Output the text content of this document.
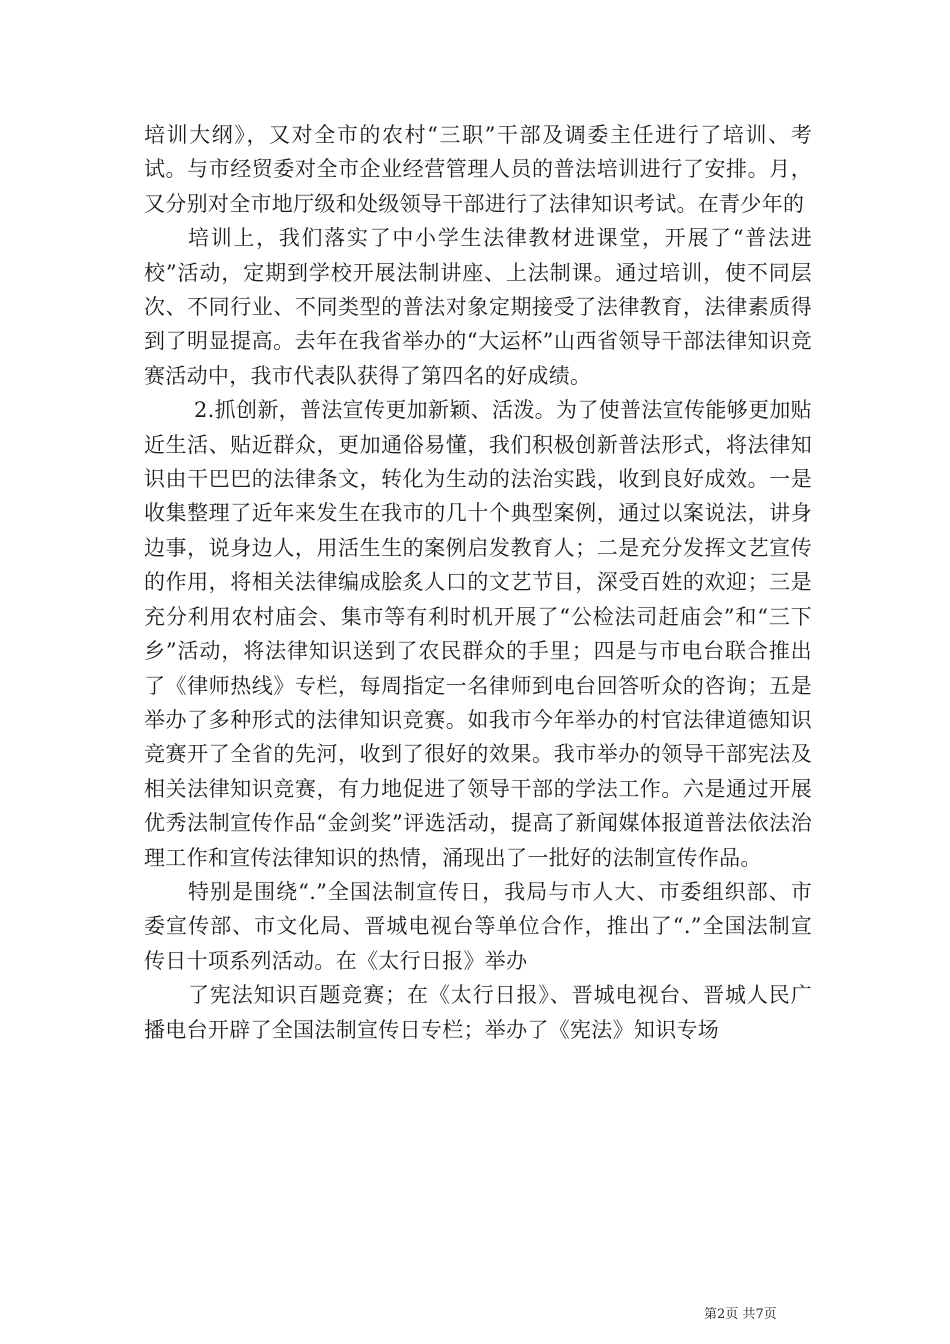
培训大纲》，又对全市的农村“三职”干部及调委主任进行了培训、考试。与市经贸委对全市企业经营管理人员的普法培训进行了安排。月，又分别对全市地厅级和处级领导干部进行了法律知识考试。在青少年的

培训上，我们落实了中小学生法律教材进课堂，开展了“普法进校”活动，定期到学校开展法制讲座、上法制课。通过培训，使不同层次、不同行业、不同类型的普法对象定期接受了法律教育，法律素质得到了明显提高。去年在我省举办的“大运杯”山西省领导干部法律知识竞赛活动中，我市代表队获得了第四名的好成绩。

2.抓创新，普法宣传更加新颖、活泼。为了使普法宣传能够更加贴近生活、贴近群众，更加通俗易懂，我们积极创新普法形式，将法律知识由干巴巴的法律条文，转化为生动的法治实践，收到良好成效。一是收集整理了近年来发生在我市的几十个典型案例，通过以案说法，讲身边事，说身边人，用活生生的案例启发教育人；二是充分发挥文艺宣传的作用，将相关法律编成脍炙人口的文艺节目，深受百姓的欢迎；三是充分利用农村庙会、集市等有利时机开展了“公检法司赶庙会”和“三下乡”活动，将法律知识送到了农民群众的手里；四是与市电台联合推出了《律师热线》专栏，每周指定一名律师到电台回答听众的咨询；五是举办了多种形式的法律知识竞赛。如我市今年举办的村官法律道德知识竞赛开了全省的先河，收到了很好的效果。我市举办的领导干部宪法及相关法律知识竞赛，有力地促进了领导干部的学法工作。六是通过开展优秀法制宣传作品“金剑奖”评选活动，提高了新闻媒体报道普法依法治理工作和宣传法律知识的热情，涌现出了一批好的法制宣传作品。

特别是围绕“.”全国法制宣传日，我局与市人大、市委组织部、市委宣传部、市文化局、晋城电视台等单位合作，推出了“.”全国法制宣传日十项系列活动。在《太行日报》举办

了宪法知识百题竞赛；在《太行日报》、晋城电视台、晋城人民广播电台开辟了全国法制宣传日专栏；举办了《宪法》知识专场

第2页 共7页
